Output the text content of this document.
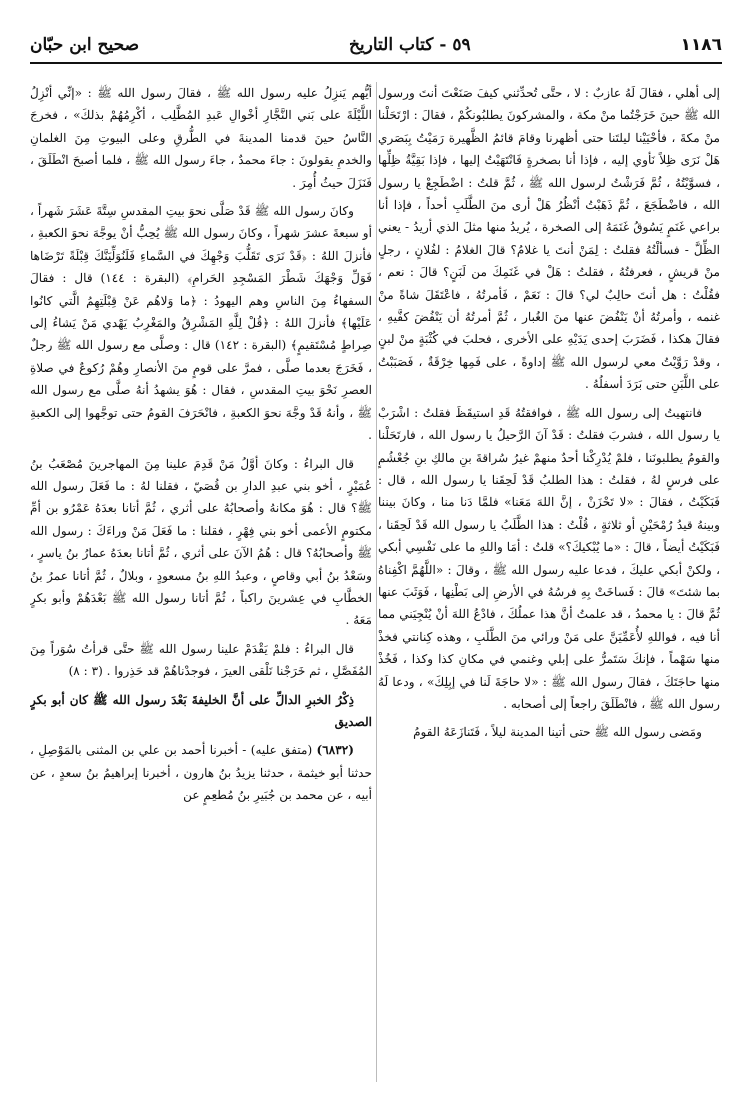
صحيح ابن حبّان	٥٩ - كتاب التاريخ	١١٨٦

إلى أهلي ، فقالَ لَهُ عازبٌ : لا ، حتَّى تُحدِّثني كيفَ صَنَعْتَ أنتَ ورسول الله ﷺ حينَ خَرَجْتُما منْ مكة ، والمشركونَ يطلبُونكُمْ ، فقالَ : ارْتَحَلْنا منْ مكةَ ، فأحْيَيْنا ليلتَنا حتى أظهرنا وقامَ قائمُ الظَّهيرة رَمَيْتُ بِبَصَري هَلْ نَرَى ظِلاً نَأوي إليه ، فإذا أنا بصخرةٍ فَانْتَهَيْتُ إليها ، فإذا بَقِيَّةُ ظِلِّها ، فسوَّيْتُهُ ، ثُمَّ فَرَشْتُ لرسول الله ﷺ ، ثُمَّ قلتُ : اضْطَجِعْ يا رسول الله ، فاضْطَجَعَ ، ثُمَّ ذَهَبْتُ أنْظُرُ هَلْ أرى منَ الطَّلَبِ أحداً ، فإذا أنا براعي غَنَمٍ يَسُوقُ غَنَمَهُ إلى الصخرة ، يُريدُ منها مثلَ الذي أريدُ - يعني الظِّلَّ - فسألْتُهُ فقلتُ : لِمَنْ أنتَ يا غلامُ؟ قالَ الغلامُ : لفُلانٍ ، رجلٍ منْ قريشٍ ، فعرفتُهُ ، فقلتُ : هَلْ في غَنَمِكَ من لَبَنٍ؟ قالَ : نعم ، فقُلْتُ : هل أنتَ حالِبٌ لي؟ قالَ : نَعَمْ ، فَأمرتُهُ ، فاعْتَقَلَ شاةً منْ غنمه ، وأمرتُهُ أنْ يَنْفُضَ عنها منَ الغُبار ، ثُمَّ أمرتُهُ أن يَنْفُضَ كفَّيهِ ، فقالَ هكذا ، فَضَرَبَ إحدى يَدَيْهِ على الأخرى ، فحلبَ في كُثْبَةٍ منْ لبنٍ ، وقدْ رَوَّيْتُ معي لرسول الله ﷺ إداوةً ، على فَمِها خِرْقَةٌ ، فَصَبَبْتُ على اللَّبَنِ حتى بَرَدَ أسفلُهُ .

فانتهيتُ إلى رسول الله ﷺ ، فوافقتُهُ قَدِ استيقَظَ فقلتُ : اشْرَبْ يا رسول الله ، فشربَ فقلتُ : قَدْ آنَ الرَّحيلُ يا رسول الله ، فارتَحَلْنا والقومُ يطلبونَنا ، فلمْ يُدْرِكْنا أحدٌ منهمْ غيرُ سُراقةَ بنِ مالكِ بنِ جُعْشُمٍ على فرسٍ لهُ ، فقلتُ : هذا الطلبُ قَدْ لَحِقَنا يا رسول الله ، قال : فَبَكَيْتُ ، فقالَ : «لا تَحْزَنْ ، إنَّ اللهَ مَعَنا» فلمَّا دَنا منا ، وكانَ بيننا وبينهُ قيدُ رُمْحَيْنِ أو ثلاثةٍ ، قُلْتُ : هذا الطَّلَبُ يا رسول الله قَدْ لَحِقَنا ، فَبَكَيْتُ أيضاً ، قالَ : «ما يُبْكيكَ؟» قلتُ : أمَا واللهِ ما على نَفْسِي أبكي ، ولكنْ أبكي عليكَ ، فدعا عليه رسول الله ﷺ ، وقالَ : «اللَّهُمَّ اكْفِناهُ بما شئتَ» قالَ : فَساخَتْ بِهِ فرسُهُ في الأرضِ إلى بَطْنِها ، فَوَثَبَ عنها ثُمَّ قالَ : يا محمدُ ، قد علمتُ أنَّ هذا عملُكَ ، فادْعُ اللهَ أنْ يُنْجِيَني مما أنا فيه ، فواللهِ لأُعَمِّيَنَّ على مَنْ ورائي منَ الطَّلَبِ ، وهذه كِنانتي فخذْ منها سَهْماً ، فإنكَ سَتَمرُّ على إبلي وغنمي في مكانِ كذا وكذا ، فَخُذْ منها حاجَتَكَ ، فقالَ رسول الله ﷺ : «لا حاجَةَ لَنا في إبِلِكَ» ، ودعا لَهُ رسول الله ﷺ ، فانْطَلَقَ راجعاً إلى أصحابه .

ومَضى رسول الله ﷺ حتى أتينا المدينة ليلاً ، فَتَنازَعَهُ القومُ

أيُّهم يَنزِلُ عليه رسول الله ﷺ ، فقالَ رسول الله ﷺ : «إنِّي أنْزِلُ اللَّيْلَةَ على بَني النَّجَّارِ أخْوالِ عَبدِ المُطَّلِب ، أكْرِمُهُمْ بذلكَ» ، فخرجَ النَّاسُ حينَ قدمنا المدينةَ في الطُّرقِ وعلى البيوتِ مِنَ الغلمانِ والخدمِ يقولونَ : جاءَ محمدٌ ، جاءَ رسول الله ﷺ ، فلما أصبحَ انْطَلَقَ ، فَنَزَلَ حيثُ أُمِرَ .

وكانَ رسول الله ﷺ قَدْ صَلَّى نحوَ بيتِ المقدسِ سِتَّةَ عَشَرَ شَهراً ، أو سبعةَ عشرَ شهراً ، وكانَ رسول الله ﷺ يُحِبُّ أنْ يوجَّهَ نحوَ الكعبةِ ، فأنزلَ اللهُ : ﴿قَدْ نَرَى تَقَلُّبَ وَجْهِكَ في السَّماءِ فَلَنُوَلِّيَنَّكَ قِبْلَةً تَرْضَاها فَوَلِّ وَجْهَكَ شَطْرَ المَسْجِدِ الحَرامِ﴾ (البقرة : ١٤٤) قال : فقالَ السفهاءُ مِنَ الناسِ وهم اليهودُ : ﴿ما وَلاهُم عَنْ قِبْلَتِهِمُ الَّتي كانُوا عَلَيْها﴾ فأنزلَ اللهُ : ﴿قُلْ لِلَّهِ المَشْرِقُ والمَغْرِبُ يَهْدي مَنْ يَشاءُ إلى صِراطٍ مُسْتَقيمٍ﴾ (البقرة : ١٤٢) قال : وصلَّى مع رسول الله ﷺ رجلٌ ، فَخَرَجَ بعدما صلَّى ، فمرَّ على قومٍ منَ الأنصارِ وهُمْ رُكوعٌ في صلاةِ العصرِ نَحْوَ بيتِ المقدسِ ، فقال : هُوَ يشهدُ أنهُ صلَّى مع رسول الله ﷺ ، وأنهُ قَدْ وجَّهَ نحوَ الكعبةِ ، فانْحَرَفَ القومُ حتى توجَّهوا إلى الكعبةِ .

قال البراءُ : وكانَ أوَّلُ مَنْ قَدِمَ علينا مِنَ المهاجرينَ مُصْعَبُ بنُ عُمَيْرٍ ، أخو بني عبدِ الدارِ بن قُصَيّ ، فقلنا لهُ : ما فَعَلَ رسول الله ﷺ؟ قال : هُوَ مكانهُ وأصحابُهُ على أثري ، ثُمَّ أتانا بعدَهُ عَمْرُو بن أمِّ مكتومٍ الأعمى أخو بني فِهْرٍ ، فقلنا : ما فَعَلَ مَنْ وراءَكَ : رسول الله ﷺ وأصحابُهُ؟ قال : هُمُ الآنَ على أثري ، ثُمَّ أتانا بعدَهُ عمارُ بنُ ياسرٍ ، وسَعْدُ بنُ أبي وقاصٍ ، وعبدُ اللهِ بنُ مسعودٍ ، وبلالٌ ، ثُمَّ أتانا عمرُ بنُ الخطَّابِ في عِشرينَ راكباً ، ثُمَّ أتانا رسول الله ﷺ بَعْدَهُمْ وأبو بكرٍ مَعَهُ .

قال البراءُ : فلمْ يَقْدَمْ علينا رسول الله ﷺ حتَّى قرأتُ سُوَراً مِنَ المُفَصَّلِ ، ثم خَرَجْنا نَلْقى العيرَ ، فوجدْناهُمْ قد حَذِروا . (٣ : ٨)

ذِكْرُ الخبرِ الدالِّ على أنَّ الخليفةَ بَعْدَ رسول الله ﷺ كان أبو بكرٍ الصديق

(٦٨٣٢) (متفق عليه) - أخبرنا أحمد بن علي بن المثنى بالمَوْصِلِ ، حدثنا أبو خيثمة ، حدثنا يزيدُ بنُ هارون ، أخبرنا إبراهيمُ بنُ سعدٍ ، عن أبيه ، عن محمد بن جُبَيرِ بنُ مُطعِمٍ عن
